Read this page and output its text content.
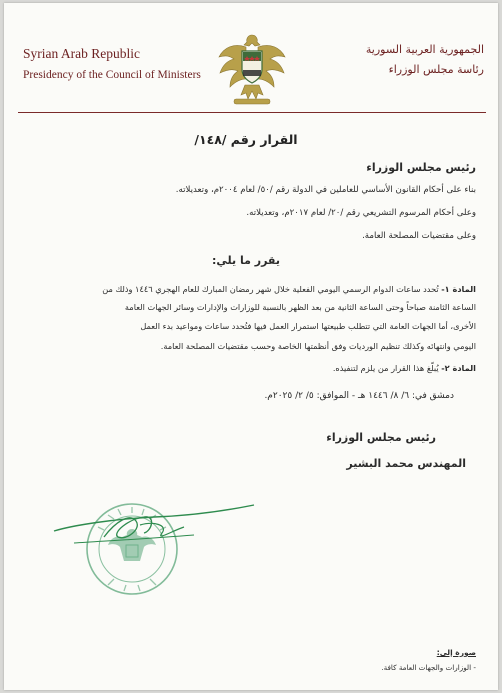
Syrian Arab Republic
Presidency of the Council of Ministers
الجمهورية العربية السورية
رئاسة مجلس الوزراء
القرار رقم /١٤٨/
رئيس مجلس الوزراء
بناء على أحكام القانون الأساسي للعاملين في الدولة رقم /٥٠/ لعام ٢٠٠٤م، وتعديلاته.
وعلى أحكام المرسوم التشريعي رقم /٢٠/ لعام ٢٠١٧م، وتعديلاته.
وعلى مقتضيات المصلحة العامة.
يقرر ما يلي:
المادة ١- تُحدد ساعات الدوام الرسمي اليومي الفعلية خلال شهر رمضان المبارك للعام الهجري ١٤٤٦ وذلك من
الساعة الثامنة صباحاً وحتى الساعة الثانية من بعد الظهر بالنسبة للوزارات والإدارات وسائر الجهات العامة
الأخرى، أما الجهات العامة التي تتطلب طبيعتها استمرار العمل فيها فتُحدد ساعات ومواعيد بدء العمل
اليومي وانتهائه وكذلك تنظيم الورديات وفق أنظمتها الخاصة وحسب مقتضيات المصلحة العامة.
المادة ٢- يُبلّغ هذا القرار من يلزم لتنفيذه.
دمشق في: ٦/ ٨/ ١٤٤٦ هـ - الموافق: ٥/ ٢/ ٢٠٢٥م.
رئيس مجلس الوزراء
المهندس محمد البشير
صورة إلى:
- الوزارات والجهات العامة كافة.
